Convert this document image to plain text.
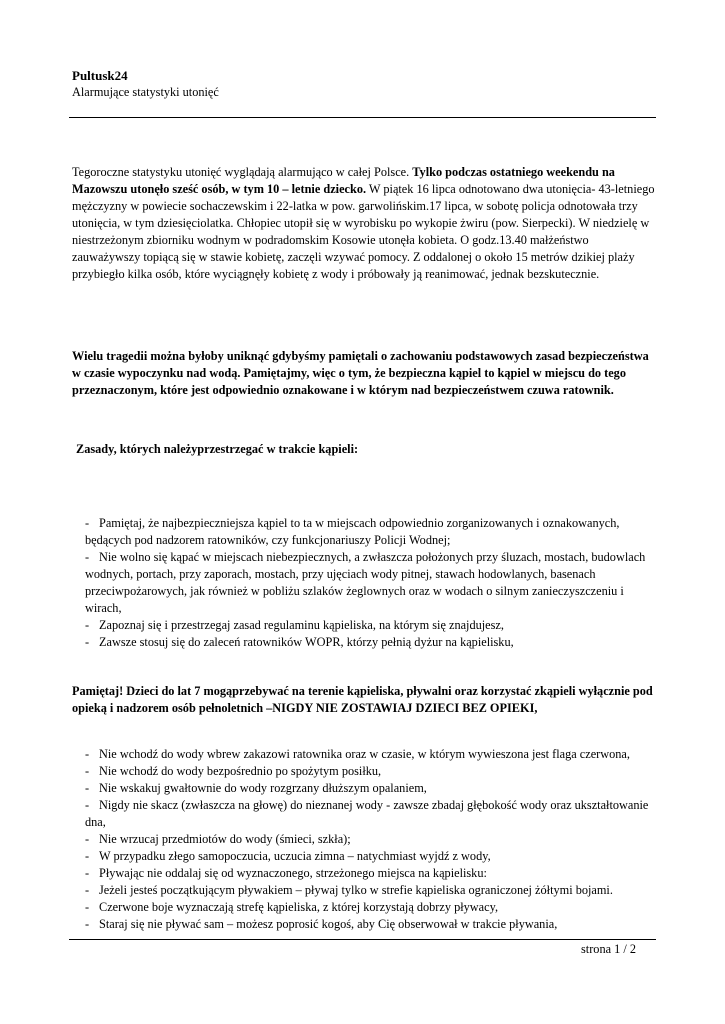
Pultusk24
Alarmujące statystyki utonięć

Tegoroczne statystyku utonięć wyglądają alarmująco w całej Polsce. Tylko podczas ostatniego weekendu na Mazowszu utonęło sześć osób, w tym 10 – letnie dziecko. W piątek 16 lipca odnotowano dwa utonięcia- 43-letniego mężczyzny w powiecie sochaczewskim i 22-latka w pow. garwolińskim.17 lipca, w sobotę policja odnotowała trzy utonięcia, w tym dziesięciolatka. Chłopiec utopił się w wyrobisku po wykopie żwiru (pow. Sierpecki). W niedzielę w niestrzeżonym zbiorniku wodnym w podradomskim Kosowie utonęła kobieta. O godz.13.40 małżeństwo zauważywszy topiącą się w stawie kobietę, zaczęli wzywać pomocy. Z oddalonej o około 15 metrów dzikiej plaży przybiegło kilka osób, które wyciągnęły kobietę z wody i próbowały ją reanimować, jednak bezskutecznie.

Wielu tragedii można byłoby uniknąć gdybyśmy pamiętali o zachowaniu podstawowych zasad bezpieczeństwa w czasie wypoczynku nad wodą. Pamiętajmy, więc o tym, że bezpieczna kąpiel to kąpiel w miejscu do tego przeznaczonym, które jest odpowiednio oznakowane i w którym nad bezpieczeństwem czuwa ratownik.

Zasady, których należyprzestrzegać w trakcie kąpieli:

- Pamiętaj, że najbezpieczniejsza kąpiel to ta w miejscach odpowiednio zorganizowanych i oznakowanych, będących pod nadzorem ratowników, czy funkcjonariuszy Policji Wodnej;
- Nie wolno się kąpać w miejscach niebezpiecznych, a zwłaszcza położonych przy śluzach, mostach, budowlach wodnych, portach, przy zaporach, mostach, przy ujęciach wody pitnej, stawach hodowlanych, basenach przeciwpożarowych, jak również w pobliżu szlaków żeglownych oraz w wodach o silnym zanieczyszczeniu i wirach,
- Zapoznaj się i przestrzegaj zasad regulaminu kąpieliska, na którym się znajdujesz,
- Zawsze stosuj się do zaleceń ratowników WOPR, którzy pełnią dyżur na kąpielisku,

Pamiętaj! Dzieci do lat 7 mogąprzebywać na terenie kąpieliska, pływalni oraz korzystać zkąpieli wyłącznie pod opieką i nadzorem osób pełnoletnich –NIGDY NIE ZOSTAWIAJ DZIECI BEZ OPIEKI,

- Nie wchodź do wody wbrew zakazowi ratownika oraz w czasie, w którym wywieszona jest flaga czerwona,
- Nie wchodź do wody bezpośrednio po spożytym posiłku,
- Nie wskakuj gwałtownie do wody rozgrzany dłuższym opalaniem,
- Nigdy nie skacz (zwłaszcza na głowę) do nieznanej wody - zawsze zbadaj głębokość wody oraz ukształtowanie dna,
- Nie wrzucaj przedmiotów do wody (śmieci, szkła);
- W przypadku złego samopoczucia, uczucia zimna – natychmiast wyjdź z wody,
- Pływając nie oddalaj się od wyznaczonego, strzeżonego miejsca na kąpielisku:
- Jeżeli jesteś początkującym pływakiem – pływaj tylko w strefie kąpieliska ograniczonej żółtymi bojami.
- Czerwone boje wyznaczają strefę kąpieliska, z której korzystają dobrzy pływacy,
- Staraj się nie pływać sam – możesz poprosić kogoś, aby Cię obserwował w trakcie pływania,
strona 1 / 2
